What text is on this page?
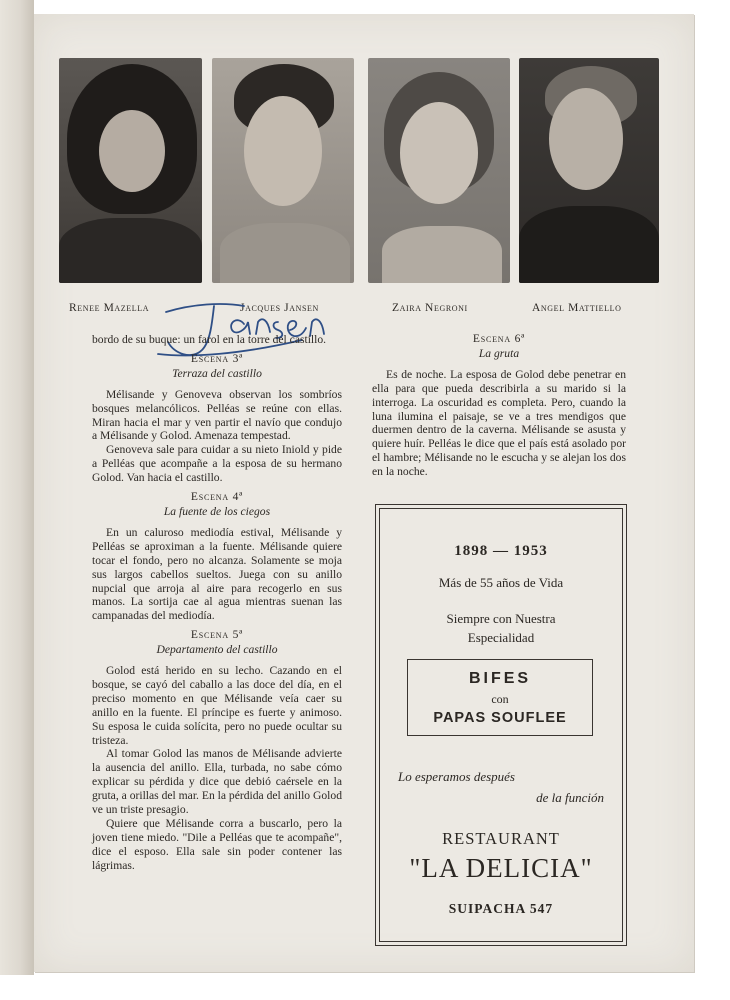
Renee Mazella	Jacques Jansen	Zaira Negroni	Angel Mattiello

bordo de su buque: un farol en la torre del castillo.

Escena 3ª

Terraza del castillo

Mélisande y Genoveva observan los sombríos bosques melancólicos. Pelléas se reúne con ellas. Miran hacia el mar y ven partir el navío que condujo a Mélisande y Golod. Amenaza tempestad.

Genoveva sale para cuidar a su nieto Iniold y pide a Pelléas que acompañe a la esposa de su hermano Golod. Van hacia el castillo.

Escena 4ª

La fuente de los ciegos

En un caluroso mediodía estival, Mélisande y Pelléas se aproximan a la fuente. Mélisande quiere tocar el fondo, pero no alcanza. Solamente se moja sus largos cabellos sueltos. Juega con su anillo nupcial que arroja al aire para recogerlo en sus manos. La sortija cae al agua mientras suenan las campanadas del mediodía.

Escena 5ª

Departamento del castillo

Golod está herido en su lecho. Cazando en el bosque, se cayó del caballo a las doce del día, en el preciso momento en que Mélisande veía caer su anillo en la fuente. El príncipe es fuerte y animoso. Su esposa le cuida solícita, pero no puede ocultar su tristeza.

Al tomar Golod las manos de Mélisande advierte la ausencia del anillo. Ella, turbada, no sabe cómo explicar su pérdida y dice que debió caérsele en la gruta, a orillas del mar. En la pérdida del anillo Golod ve un triste presagio.

Quiere que Mélisande corra a buscarlo, pero la joven tiene miedo. "Dile a Pelléas que te acompañe", dice el esposo. Ella sale sin poder contener las lágrimas.

Escena 6ª

La gruta

Es de noche. La esposa de Golod debe penetrar en ella para que pueda describirla a su marido si la interroga. La oscuridad es completa. Pero, cuando la luna ilumina el paisaje, se ve a tres mendigos que duermen dentro de la caverna. Mélisande se asusta y quiere huír. Pelléas le dice que el país está asolado por el hambre; Mélisande no le escucha y se alejan los dos en la noche.

1898 — 1953
Más de 55 años de Vida
Siempre con Nuestra
Especialidad
BIFES
con
PAPAS SOUFLEE
Lo esperamos después
de la función
RESTAURANT
"LA DELICIA"
SUIPACHA 547
